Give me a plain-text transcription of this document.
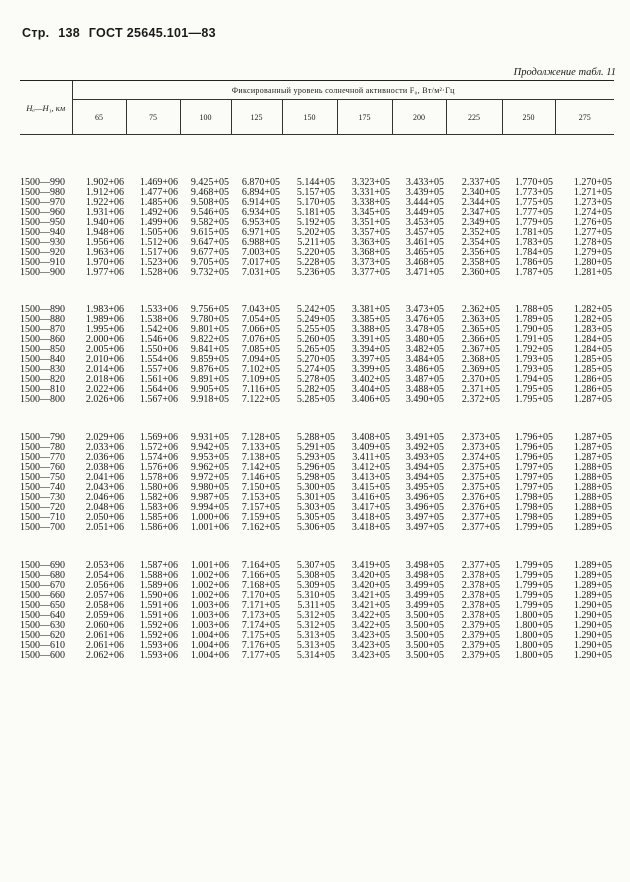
Стр. 138 ГОСТ 25645.101—83
Продолжение табл. 11
Hₐ—H₁, км	Фиксированный уровень солнечной активности F₀, Вт/м²·Гц									
	65	75	100	125	150	175	200	225	250	275

1500—990	1.902+06	1.469+06	9.425+05	6.870+05	5.144+05	3.323+05	3.433+05	2.337+05	1.770+05	1.270+05
1500—980	1.912+06	1.477+06	9.468+05	6.894+05	5.157+05	3.331+05	3.439+05	2.340+05	1.773+05	1.271+05
1500—970	1.922+06	1.485+06	9.508+05	6.914+05	5.170+05	3.338+05	3.444+05	2.344+05	1.775+05	1.273+05
1500—960	1.931+06	1.492+06	9.546+05	6.934+05	5.181+05	3.345+05	3.449+05	2.347+05	1.777+05	1.274+05
1500—950	1.940+06	1.499+06	9.582+05	6.953+05	5.192+05	3.351+05	3.453+05	2.349+05	1.779+05	1.276+05
1500—940	1.948+06	1.505+06	9.615+05	6.971+05	5.202+05	3.357+05	3.457+05	2.352+05	1.781+05	1.277+05
1500—930	1.956+06	1.512+06	9.647+05	6.988+05	5.211+05	3.363+05	3.461+05	2.354+05	1.783+05	1.278+05
1500—920	1.963+06	1.517+06	9.677+05	7.003+05	5.220+05	3.368+05	3.465+05	2.356+05	1.784+05	1.279+05
1500—910	1.970+06	1.523+06	9.705+05	7.017+05	5.228+05	3.373+05	3.468+05	2.358+05	1.786+05	1.280+05
1500—900	1.977+06	1.528+06	9.732+05	7.031+05	5.236+05	3.377+05	3.471+05	2.360+05	1.787+05	1.281+05

1500—890	1.983+06	1.533+06	9.756+05	7.043+05	5.242+05	3.381+05	3.473+05	2.362+05	1.788+05	1.282+05
1500—880	1.989+06	1.538+06	9.780+05	7.054+05	5.249+05	3.385+05	3.476+05	2.363+05	1.789+05	1.282+05
1500—870	1.995+06	1.542+06	9.801+05	7.066+05	5.255+05	3.388+05	3.478+05	2.365+05	1.790+05	1.283+05
1500—860	2.000+06	1.546+06	9.822+05	7.076+05	5.260+05	3.391+05	3.480+05	2.366+05	1.791+05	1.284+05
1500—850	2.005+06	1.550+06	9.841+05	7.085+05	5.265+05	3.394+05	3.482+05	2.367+05	1.792+05	1.284+05
1500—840	2.010+06	1.554+06	9.859+05	7.094+05	5.270+05	3.397+05	3.484+05	2.368+05	1.793+05	1.285+05
1500—830	2.014+06	1.557+06	9.876+05	7.102+05	5.274+05	3.399+05	3.486+05	2.369+05	1.793+05	1.285+05
1500—820	2.018+06	1.561+06	9.891+05	7.109+05	5.278+05	3.402+05	3.487+05	2.370+05	1.794+05	1.286+05
1500—810	2.022+06	1.564+06	9.905+05	7.116+05	5.282+05	3.404+05	3.488+05	2.371+05	1.795+05	1.286+05
1500—800	2.026+06	1.567+06	9.918+05	7.122+05	5.285+05	3.406+05	3.490+05	2.372+05	1.795+05	1.287+05

1500—790	2.029+06	1.569+06	9.931+05	7.128+05	5.288+05	3.408+05	3.491+05	2.373+05	1.796+05	1.287+05
1500—780	2.033+06	1.572+06	9.942+05	7.133+05	5.291+05	3.409+05	3.492+05	2.373+05	1.796+05	1.287+05
1500—770	2.036+06	1.574+06	9.953+05	7.138+05	5.293+05	3.411+05	3.493+05	2.374+05	1.796+05	1.287+05
1500—760	2.038+06	1.576+06	9.962+05	7.142+05	5.296+05	3.412+05	3.494+05	2.375+05	1.797+05	1.288+05
1500—750	2.041+06	1.578+06	9.972+05	7.146+05	5.298+05	3.413+05	3.494+05	2.375+05	1.797+05	1.288+05
1500—740	2.043+06	1.580+06	9.980+05	7.150+05	5.300+05	3.415+05	3.495+05	2.375+05	1.797+05	1.288+05
1500—730	2.046+06	1.582+06	9.987+05	7.153+05	5.301+05	3.416+05	3.496+05	2.376+05	1.798+05	1.288+05
1500—720	2.048+06	1.583+06	9.994+05	7.157+05	5.303+05	3.417+05	3.496+05	2.376+05	1.798+05	1.288+05
1500—710	2.050+06	1.585+06	1.000+06	7.159+05	5.305+05	3.418+05	3.497+05	2.377+05	1.798+05	1.289+05
1500—700	2.051+06	1.586+06	1.001+06	7.162+05	5.306+05	3.418+05	3.497+05	2.377+05	1.799+05	1.289+05

1500—690	2.053+06	1.587+06	1.001+06	7.164+05	5.307+05	3.419+05	3.498+05	2.377+05	1.799+05	1.289+05
1500—680	2.054+06	1.588+06	1.002+06	7.166+05	5.308+05	3.420+05	3.498+05	2.378+05	1.799+05	1.289+05
1500—670	2.056+06	1.589+06	1.002+06	7.168+05	5.309+05	3.420+05	3.499+05	2.378+05	1.799+05	1.289+05
1500—660	2.057+06	1.590+06	1.002+06	7.170+05	5.310+05	3.421+05	3.499+05	2.378+05	1.799+05	1.289+05
1500—650	2.058+06	1.591+06	1.003+06	7.171+05	5.311+05	3.421+05	3.499+05	2.378+05	1.799+05	1.290+05
1500—640	2.059+06	1.591+06	1.003+06	7.173+05	5.312+05	3.422+05	3.500+05	2.378+05	1.800+05	1.290+05
1500—630	2.060+06	1.592+06	1.003+06	7.174+05	5.312+05	3.422+05	3.500+05	2.379+05	1.800+05	1.290+05
1500—620	2.061+06	1.592+06	1.004+06	7.175+05	5.313+05	3.423+05	3.500+05	2.379+05	1.800+05	1.290+05
1500—610	2.061+06	1.593+06	1.004+06	7.176+05	5.313+05	3.423+05	3.500+05	2.379+05	1.800+05	1.290+05
1500—600	2.062+06	1.593+06	1.004+06	7.177+05	5.314+05	3.423+05	3.500+05	2.379+05	1.800+05	1.290+05
